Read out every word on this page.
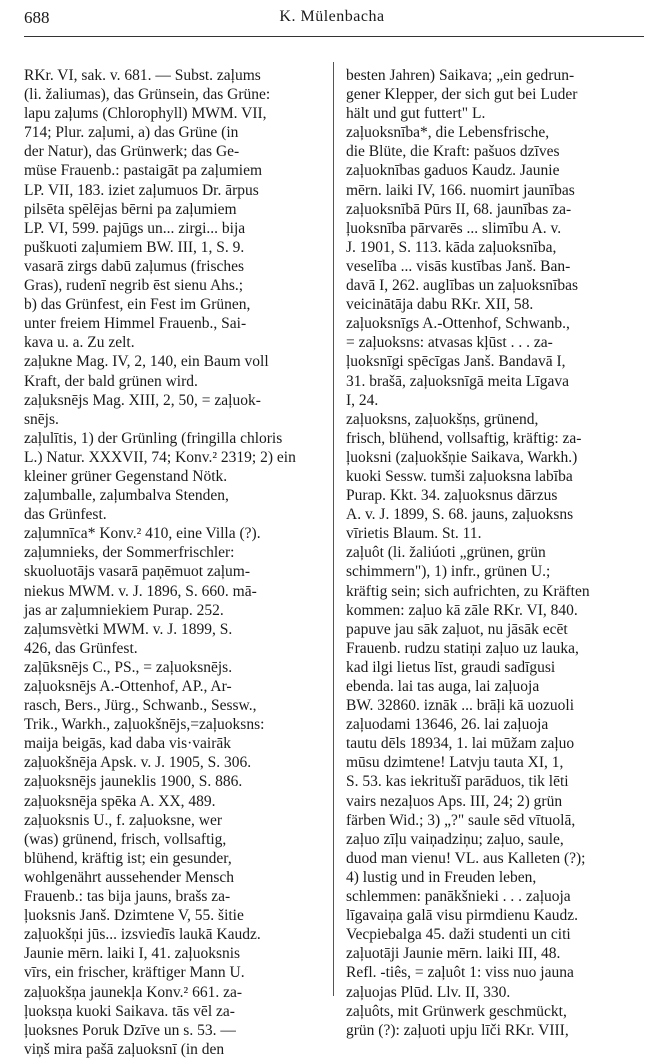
688	K. Mülenbacha
RKr. VI, sak. v. 681. — Subst. zaļums
(li. žaliumas), das Grünsein, das Grüne:
lapu zaļums (Chlorophyll) MWM. VII,
714; Plur. zaļumi, a) das Grüne (in
der Natur), das Grünwerk; das Ge-
müse Frauenb.: pastaigāt pa zaļumiem
LP. VII, 183. iziet zaļumuos Dr. ārpus
pilsēta spēlējas bērni pa zaļumiem
LP. VI, 599. pajūgs un... zirgi... bija
puškuoti zaļumiem BW. III, 1, S. 9.
vasarā zirgs dabū zaļumus (frisches
Gras), rudenī negrib ēst sienu Ahs.;
b) das Grünfest, ein Fest im Grünen,
unter freiem Himmel Frauenb., Sai-
kava u. a. Zu zelt.
zaļukne Mag. IV, 2, 140, ein Baum voll
Kraft, der bald grünen wird.
zaļuksnējs Mag. XIII, 2, 50, = zaļuok-
snējs.
zaļulītis, 1) der Grünling (fringilla chloris
L.) Natur. XXXVII, 74; Konv.² 2319; 2) ein
kleiner grüner Gegenstand Nötk.
zaļumballe, zaļumbalva Stenden,
das Grünfest.
zaļumnīca* Konv.² 410, eine Villa (?).
zaļumnieks, der Sommerfrischler:
skuoluotājs vasarā paņēmuot zaļum-
niekus MWM. v. J. 1896, S. 660. mā-
jas ar zaļumniekiem Purap. 252.
zaļumsvètki MWM. v. J. 1899, S.
426, das Grünfest.
zaļūksnējs C., PS., = zaļuoksnējs.
zaļuoksnējs A.-Ottenhof, AP., Ar-
rasch, Bers., Jürg., Schwanb., Sessw.,
Trik., Warkh., zaļuokšnējs,=zaļuoksns:
maija beigās, kad daba vis·vairāk
zaļuokšnēja Apsk. v. J. 1905, S. 306.
zaļuoksnējs jauneklis 1900, S. 886.
zaļuoksnēja spēka A. XX, 489.
zaļuoksnis U., f. zaļuoksne, wer
(was) grünend, frisch, vollsaftig,
blühend, kräftig ist; ein gesunder,
wohlgenährt aussehender Mensch
Frauenb.: tas bija jauns, brašs za-
ļuoksnis Janš. Dzimtene V, 55. šitie
zaļuokšņi jūs... izsviedīs laukā Kaudz.
Jaunie mērn. laiki I, 41. zaļuoksnis
vīrs, ein frischer, kräftiger Mann U.
zaļuokšņa jaunekļa Konv.² 661. za-
ļuoksņa kuoki Saikava. tās vēl za-
ļuoksnes Poruk Dzīve un s. 53. —
viņš mira pašā zaļuoksnī (in den
besten Jahren) Saikava; „ein gedrun-
gener Klepper, der sich gut bei Luder
hält und gut futtert" L.
zaļuoksnība*, die Lebensfrische,
die Blüte, die Kraft: pašuos dzīves
zaļuoknības gaduos Kaudz. Jaunie
mērn. laiki IV, 166. nuomirt jaunības
zaļuoksnībā Pūrs II, 68. jaunības za-
ļuoksnība pārvarēs ... slimību A. v.
J. 1901, S. 113. kāda zaļuoksnība,
veselība ... visās kustības Janš. Ban-
davā I, 262. auglības un zaļuoksnības
veicinātāja dabu RKr. XII, 58.
zaļuoksnīgs A.-Ottenhof, Schwanb.,
= zaļuoksns: atvasas kļūst . . . za-
ļuoksnīgi spēcīgas Janš. Bandavā I,
31. brašā, zaļuoksnīgā meita Līgava
I, 24.
zaļuoksns, zaļuokšņs, grünend,
frisch, blühend, vollsaftig, kräftig: za-
ļuoksni (zaļuokšņie Saikava, Warkh.)
kuoki Sessw. tumši zaļuoksna labība
Purap. Kkt. 34. zaļuoksnus dārzus
A. v. J. 1899, S. 68. jauns, zaļuoksns
vīrietis Blaum. St. 11.
zaļuôt (li. žaliúoti „grünen, grün
schimmern"), 1) infr., grünen U.;
kräftig sein; sich aufrichten, zu Kräften
kommen: zaļuo kā zāle RKr. VI, 840.
papuve jau sāk zaļuot, nu jāsāk ecēt
Frauenb. rudzu statiņi zaļuo uz lauka,
kad ilgi lietus līst, graudi sadīgusi
ebenda. lai tas auga, lai zaļuoja
BW. 32860. iznāk ... brāļi kā uozuoli
zaļuodami 13646, 26. lai zaļuoja
tautu dēls 18934, 1. lai mūžam zaļuo
mūsu dzimtene! Latvju tauta XI, 1,
S. 53. kas iekritušī parāduos, tik lēti
vairs nezaļuos Aps. III, 24; 2) grün
färben Wid.; 3) „?" saule sēd vītuolā,
zaļuo zīļu vaiņadziņu; zaļuo, saule,
duod man vienu! VL. aus Kalleten (?);
4) lustig und in Freuden leben,
schlemmen: panākšnieki . . . zaļuoja
līgavaiņa galā visu pirmdienu Kaudz.
Vecpiebalga 45. daži studenti un citi
zaļuotāji Jaunie mērn. laiki III, 48.
Refl. -tiês, = zaļuôt 1: viss nuo jauna
zaļuojas Plūd. Llv. II, 330.
zaļuôts, mit Grünwerk geschmückt,
grün (?): zaļuoti upju līči RKr. VIII,
